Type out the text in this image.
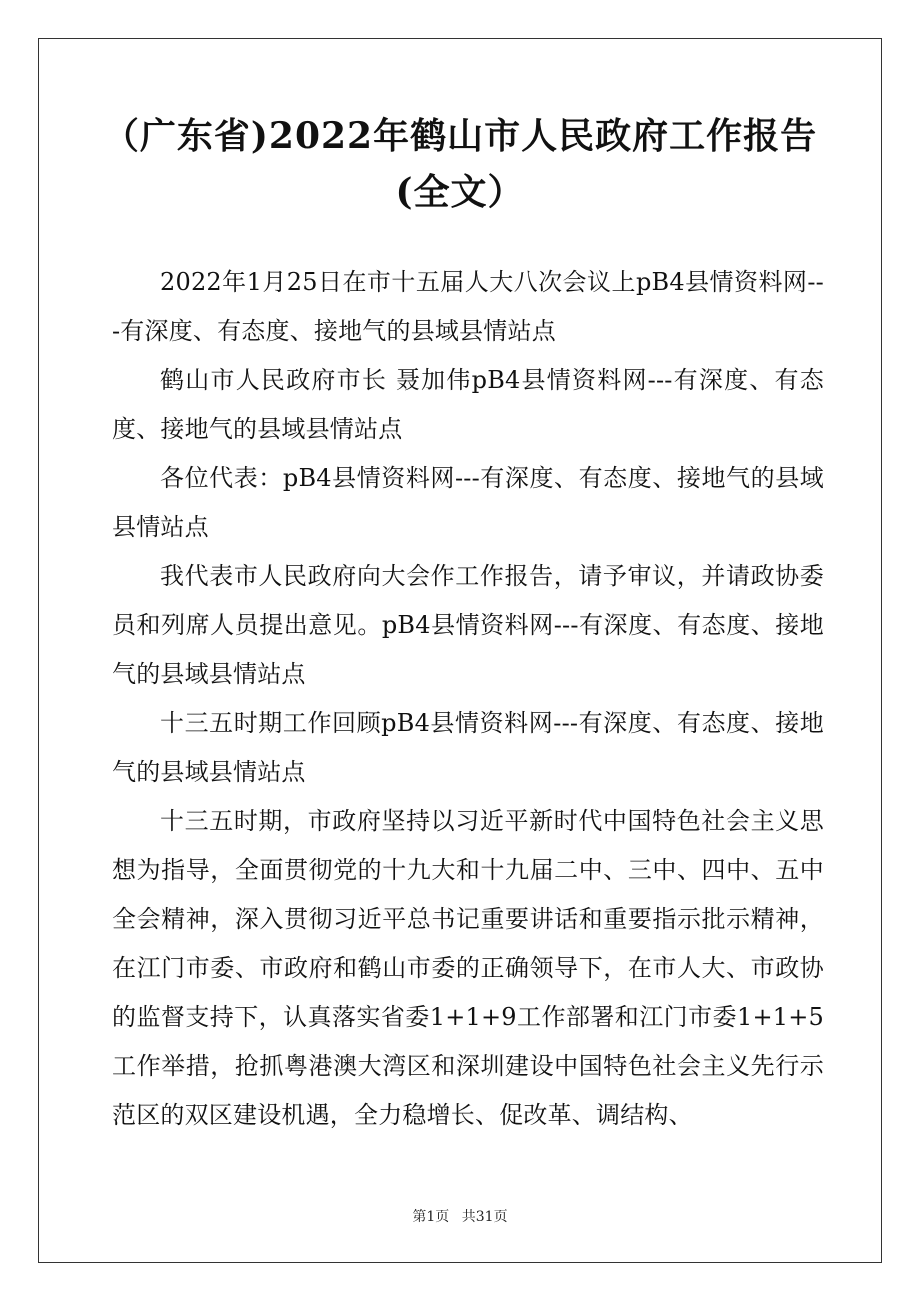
（广东省)2022年鹤山市人民政府工作报告(全文）

2022年1月25日在市十五届人大八次会议上pB4县情资料网---有深度、有态度、接地气的县域县情站点

鹤山市人民政府市长 聂加伟pB4县情资料网---有深度、有态度、接地气的县域县情站点

各位代表：pB4县情资料网---有深度、有态度、接地气的县域县情站点

我代表市人民政府向大会作工作报告，请予审议，并请政协委员和列席人员提出意见。pB4县情资料网---有深度、有态度、接地气的县域县情站点

十三五时期工作回顾pB4县情资料网---有深度、有态度、接地气的县域县情站点

十三五时期，市政府坚持以习近平新时代中国特色社会主义思想为指导，全面贯彻党的十九大和十九届二中、三中、四中、五中全会精神，深入贯彻习近平总书记重要讲话和重要指示批示精神，在江门市委、市政府和鹤山市委的正确领导下，在市人大、市政协的监督支持下，认真落实省委1+1+9工作部署和江门市委1+1+5工作举措，抢抓粤港澳大湾区和深圳建设中国特色社会主义先行示范区的双区建设机遇，全力稳增长、促改革、调结构、

第1页 共31页
